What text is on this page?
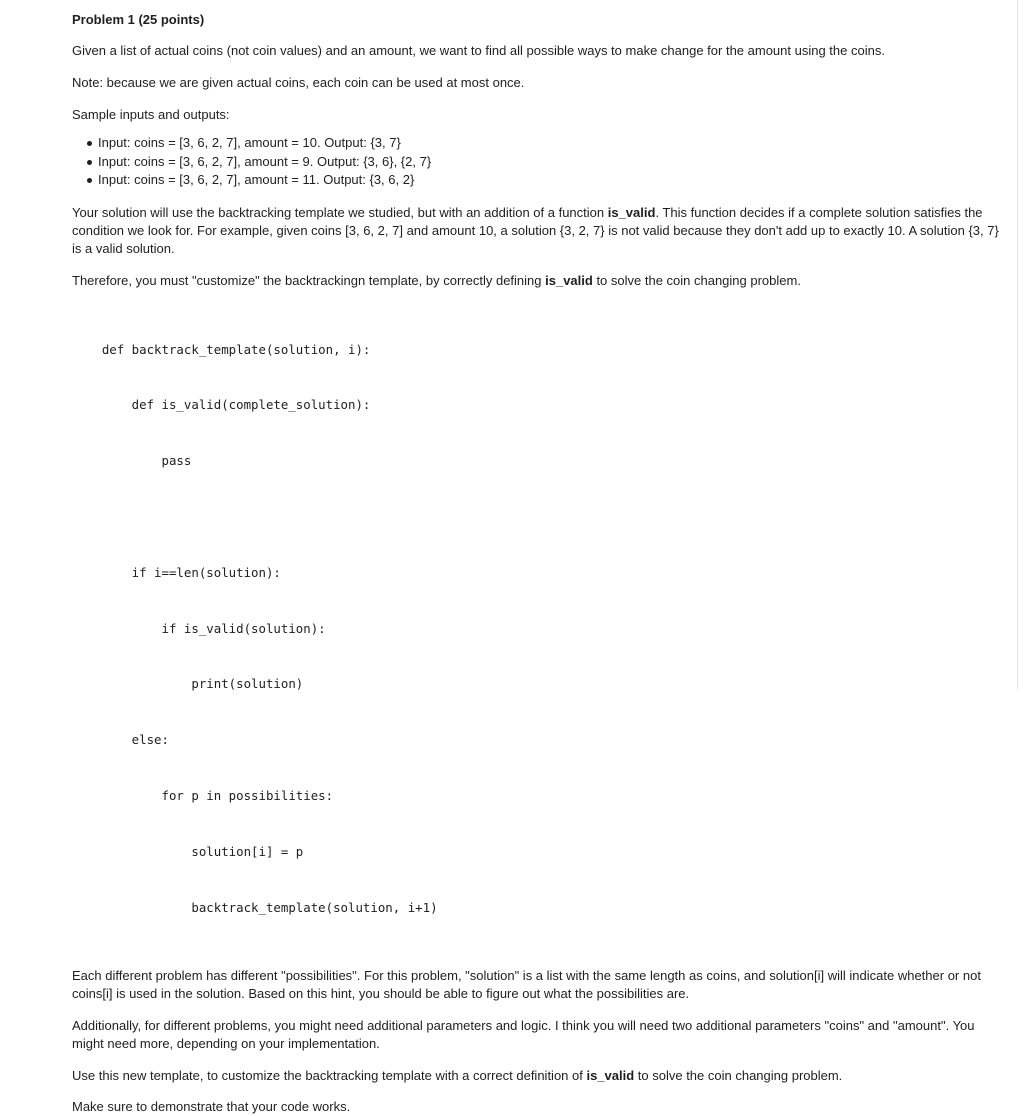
Problem 1 (25 points)

Given a list of actual coins (not coin values) and an amount, we want to find all possible ways to make change for the amount using the coins.

Note: because we are given actual coins, each coin can be used at most once.

Sample inputs and outputs:

Input: coins = [3, 6, 2, 7], amount = 10. Output: {3, 7}
Input: coins = [3, 6, 2, 7], amount = 9. Output: {3, 6}, {2, 7}
Input: coins = [3, 6, 2, 7], amount = 11. Output: {3, 6, 2}

Your solution will use the backtracking template we studied, but with an addition of a function is_valid. This function decides if a complete solution satisfies the condition we look for. For example, given coins [3, 6, 2, 7] and amount 10, a solution {3, 2, 7} is not valid because they don't add up to exactly 10. A solution {3, 7} is a valid solution.

Therefore, you must "customize" the backtrackingn template, by correctly defining is_valid to solve the coin changing problem.

def backtrack_template(solution, i):

def is_valid(complete_solution):

pass

if i==len(solution):

if is_valid(solution):

print(solution)

else:

for p in possibilities:

solution[i] = p

backtrack_template(solution, i+1)

Each different problem has different "possibilities". For this problem, "solution" is a list with the same length as coins, and solution[i] will indicate whether or not coins[i] is used in the solution. Based on this hint, you should be able to figure out what the possibilities are.

Additionally, for different problems, you might need additional parameters and logic. I think you will need two additional parameters "coins" and "amount". You might need more, depending on your implementation.

Use this new template, to customize the backtracking template with a correct definition of is_valid to solve the coin changing problem.

Make sure to demonstrate that your code works.
